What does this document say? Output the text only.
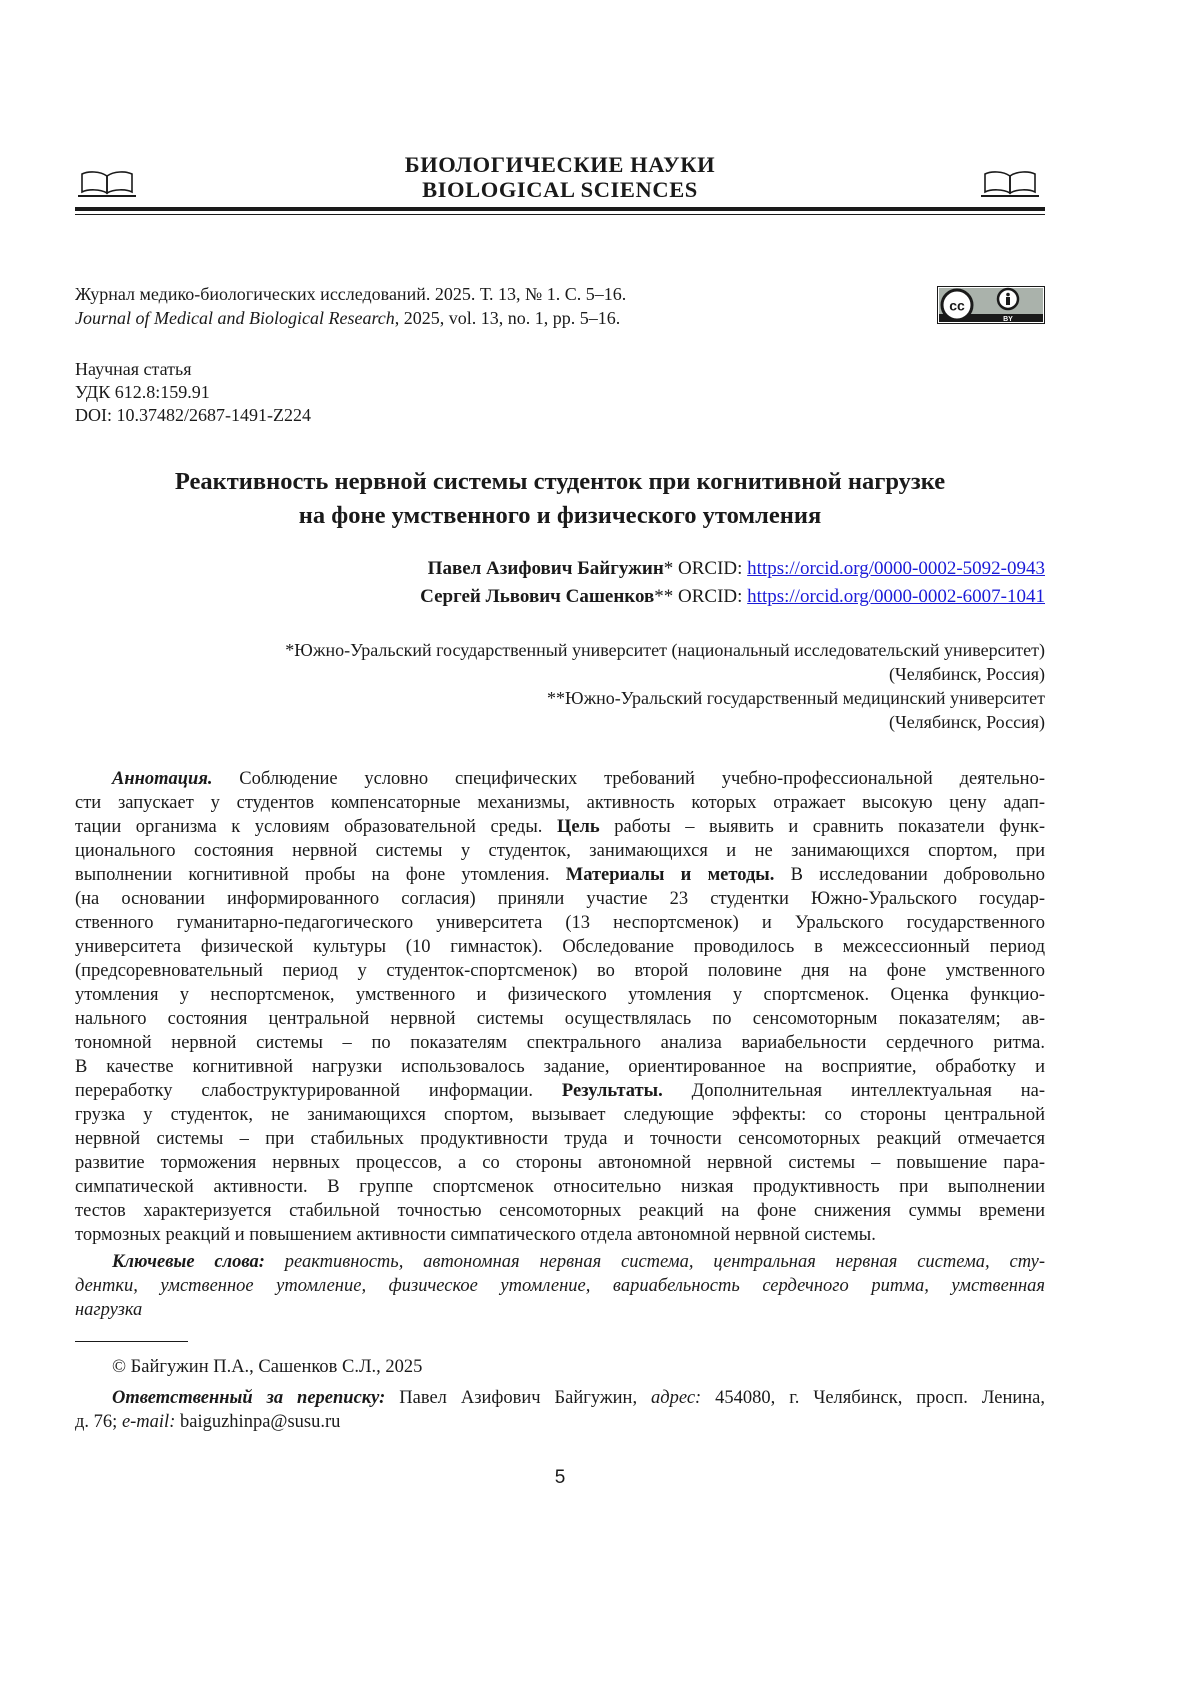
БИОЛОГИЧЕСКИЕ НАУКИ
BIOLOGICAL SCIENCES
Журнал медико-биологических исследований. 2025. Т. 13, № 1. С. 5–16.
Journal of Medical and Biological Research, 2025, vol. 13, no. 1, pp. 5–16.
cc
BY
Научная статья
УДК 612.8:159.91
DOI: 10.37482/2687-1491-Z224
Реактивность нервной системы студенток при когнитивной нагрузке
на фоне умственного и физического утомления
Павел Азифович Байгужин* ORCID: https://orcid.org/0000-0002-5092-0943
Сергей Львович Сашенков** ORCID: https://orcid.org/0000-0002-6007-1041
*Южно-Уральский государственный университет (национальный исследовательский университет)
(Челябинск, Россия)
**Южно-Уральский государственный медицинский университет
(Челябинск, Россия)
Аннотация. Соблюдение условно специфических требований учебно-профессиональной деятельно-
сти запускает у студентов компенсаторные механизмы, активность которых отражает высокую цену адап-
тации организма к условиям образовательной среды. Цель работы – выявить и сравнить показатели функ-
ционального состояния нервной системы у студенток, занимающихся и не занимающихся спортом, при
выполнении когнитивной пробы на фоне утомления. Материалы и методы. В исследовании добровольно
(на основании информированного согласия) приняли участие 23 студентки Южно-Уральского государ-
ственного гуманитарно-педагогического университета (13 неспортсменок) и Уральского государственного
университета физической культуры (10 гимнасток). Обследование проводилось в межсессионный период
(предсоревновательный период у студенток-спортсменок) во второй половине дня на фоне умственного
утомления у неспортсменок, умственного и физического утомления у спортсменок. Оценка функцио-
нального состояния центральной нервной системы осуществлялась по сенсомоторным показателям; ав-
тономной нервной системы – по показателям спектрального анализа вариабельности сердечного ритма.
В качестве когнитивной нагрузки использовалось задание, ориентированное на восприятие, обработку и
переработку слабоструктурированной информации. Результаты. Дополнительная интеллектуальная на-
грузка у студенток, не занимающихся спортом, вызывает следующие эффекты: со стороны центральной
нервной системы – при стабильных продуктивности труда и точности сенсомоторных реакций отмечается
развитие торможения нервных процессов, а со стороны автономной нервной системы – повышение пара-
симпатической активности. В группе спортсменок относительно низкая продуктивность при выполнении
тестов характеризуется стабильной точностью сенсомоторных реакций на фоне снижения суммы времени
тормозных реакций и повышением активности симпатического отдела автономной нервной системы.
Ключевые слова: реактивность, автономная нервная система, центральная нервная система, сту-
дентки, умственное утомление, физическое утомление, вариабельность сердечного ритма, умственная
нагрузка
© Байгужин П.А., Сашенков С.Л., 2025
Ответственный за переписку: Павел Азифович Байгужин, адрес: 454080, г. Челябинск, просп. Ленина,
д. 76; e-mail: baiguzhinpa@susu.ru
5
